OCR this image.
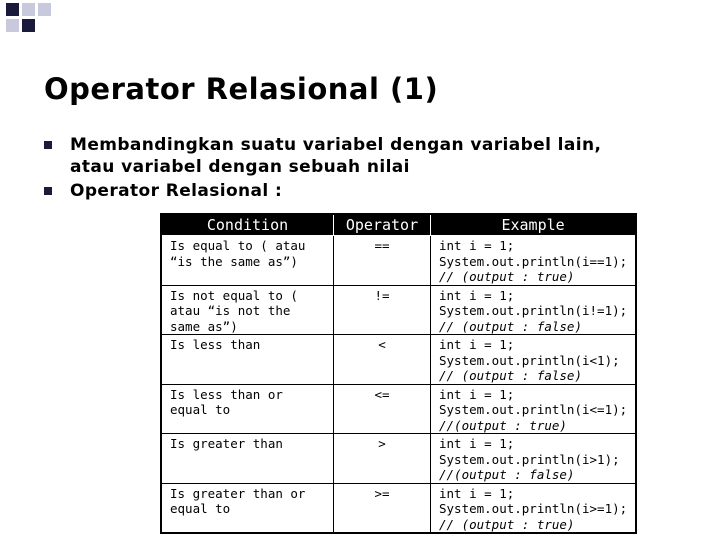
Operator Relasional (1)
Membandingkan suatu variabel dengan variabel lain,
atau variabel dengan sebuah nilai
Operator Relasional :
Condition	Operator	Example
Is equal to ( atau “is the same as”)	==	int i = 1;
System.out.println(i==1);
// (output : true)

Is not equal to ( atau “is not the same as”)	!=	int i = 1;
System.out.println(i!=1);
// (output : false)

Is less than	<	int i = 1;
System.out.println(i<1);
// (output : false)

Is less than or equal to	<=	int i = 1;
System.out.println(i<=1);
//(output : true)

Is greater than	>	int i = 1;
System.out.println(i>1);
//(output : false)

Is greater than or equal to	>=	int i = 1;
System.out.println(i>=1);
// (output : true)
